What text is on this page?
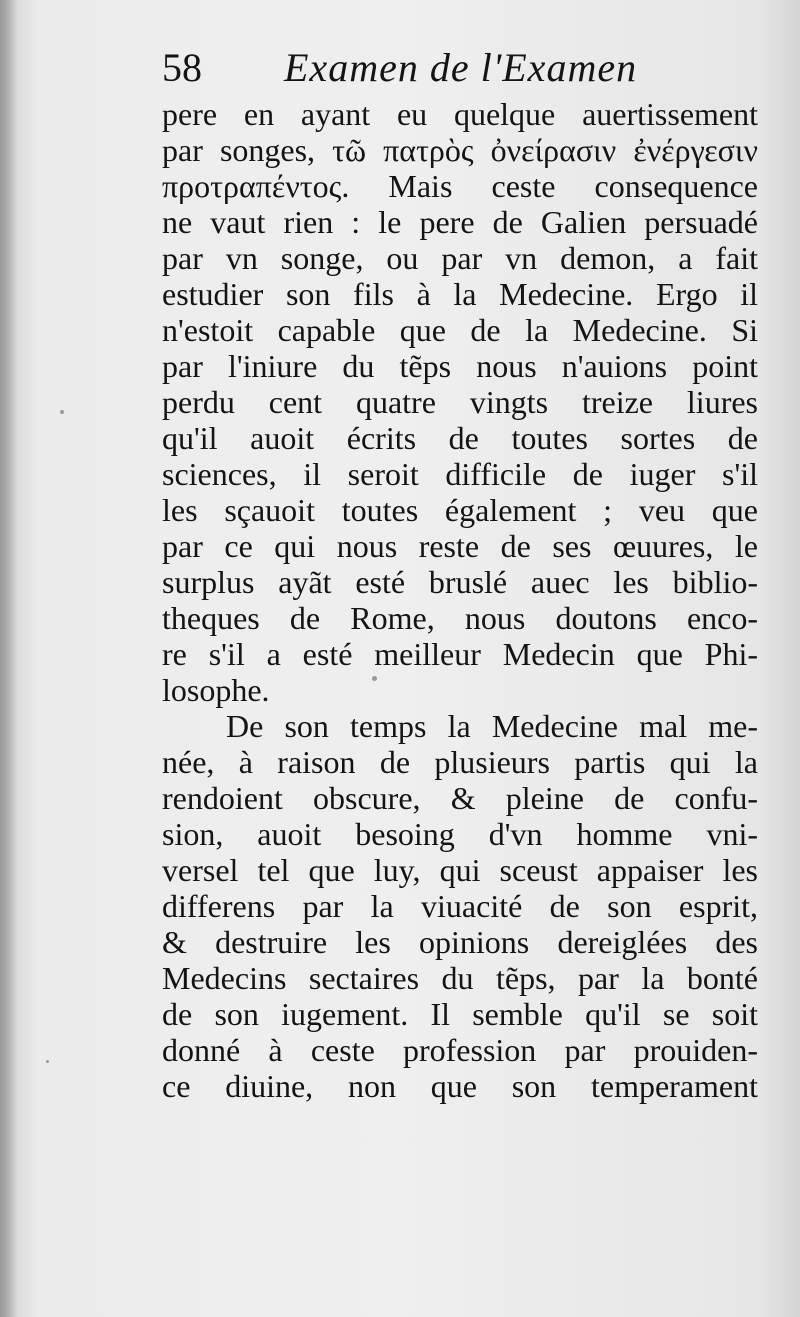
58 Examen de l'Examen
pere en ayant eu quelque auertissement
par songes, τῶ πατρὸς ὀνείρασιν ἐνέργεσιν
προτραπέντος. Mais ceste consequence
ne vaut rien : le pere de Galien persuadé
par vn songe, ou par vn demon, a fait
estudier son fils à la Medecine. Ergo il
n'estoit capable que de la Medecine. Si
par l'iniure du tẽps nous n'auions point
perdu cent quatre vingts treize liures
qu'il auoit écrits de toutes sortes de
sciences, il seroit difficile de iuger s'il
les sçauoit toutes également ; veu que
par ce qui nous reste de ses œuures, le
surplus ayãt esté bruslé auec les biblio-
theques de Rome, nous doutons enco-
re s'il a esté meilleur Medecin que Phi-
losophe.
De son temps la Medecine mal me-
née, à raison de plusieurs partis qui la
rendoient obscure, & pleine de confu-
sion, auoit besoing d'vn homme vni-
versel tel que luy, qui sceust appaiser les
differens par la viuacité de son esprit,
& destruire les opinions dereiglées des
Medecins sectaires du tẽps, par la bonté
de son iugement. Il semble qu'il se soit
donné à ceste profession par prouiden-
ce diuine, non que son temperament
